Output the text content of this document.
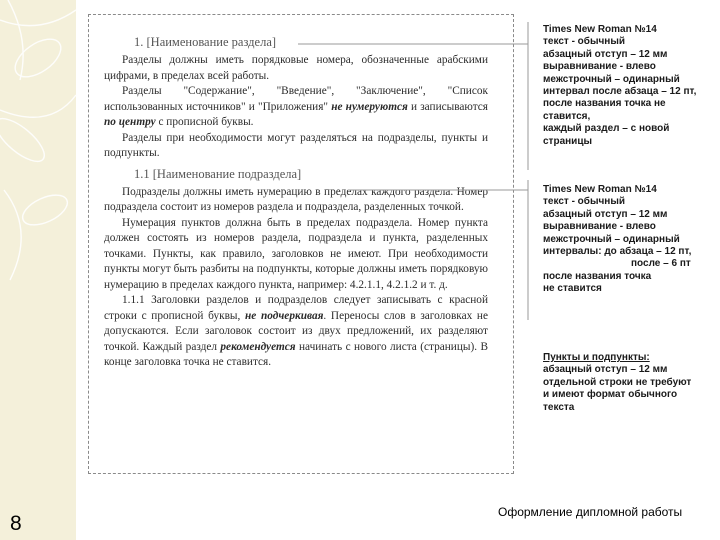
8
1. [Наименование раздела]

Разделы должны иметь порядковые номера, обозначенные арабскими цифрами, в пределах всей работы.

Разделы "Содержание", "Введение", "Заключение", "Список использованных источников" и "Приложения" не нумеруются и записываются по центру с прописной буквы.

Разделы при необходимости могут разделяться на подразделы, пункты и подпункты.

1.1 [Наименование подраздела]

Подразделы должны иметь нумерацию в пределах каждого раздела. Номер подраздела состоит из номеров раздела и подраздела, разделенных точкой.

Нумерация пунктов должна быть в пределах подраздела. Номер пункта должен состоять из номеров раздела, подраздела и пункта, разделенных точками. Пункты, как правило, заголовков не имеют. При необходимости пункты могут быть разбиты на подпункты, которые должны иметь порядковую нумерацию в пределах каждого пункта, например: 4.2.1.1, 4.2.1.2 и т. д.

1.1.1 Заголовки разделов и подразделов следует записывать с красной строки с прописной буквы, не подчеркивая. Переносы слов в заголовках не допускаются. Если заголовок состоит из двух предложений, их разделяют точкой. Каждый раздел рекомендуется начинать с нового листа (страницы). В конце заголовка точка не ставится.

Times New Roman №14
текст - обычный
абзацный отступ – 12 мм
выравнивание - влево
межстрочный – одинарный
интервал после абзаца – 12 пт,
после названия точка не
ставится,
каждый раздел – с новой
страницы
Times New Roman №14
текст - обычный
абзацный отступ – 12 мм
выравнивание - влево
межстрочный – одинарный
интервалы: до абзаца – 12 пт,
после – 6 пт
после названия точка
не ставится
Пункты и подпункты:
абзацный отступ – 12 мм
отдельной строки не требуют
и имеют формат обычного
текста
Оформление дипломной работы
